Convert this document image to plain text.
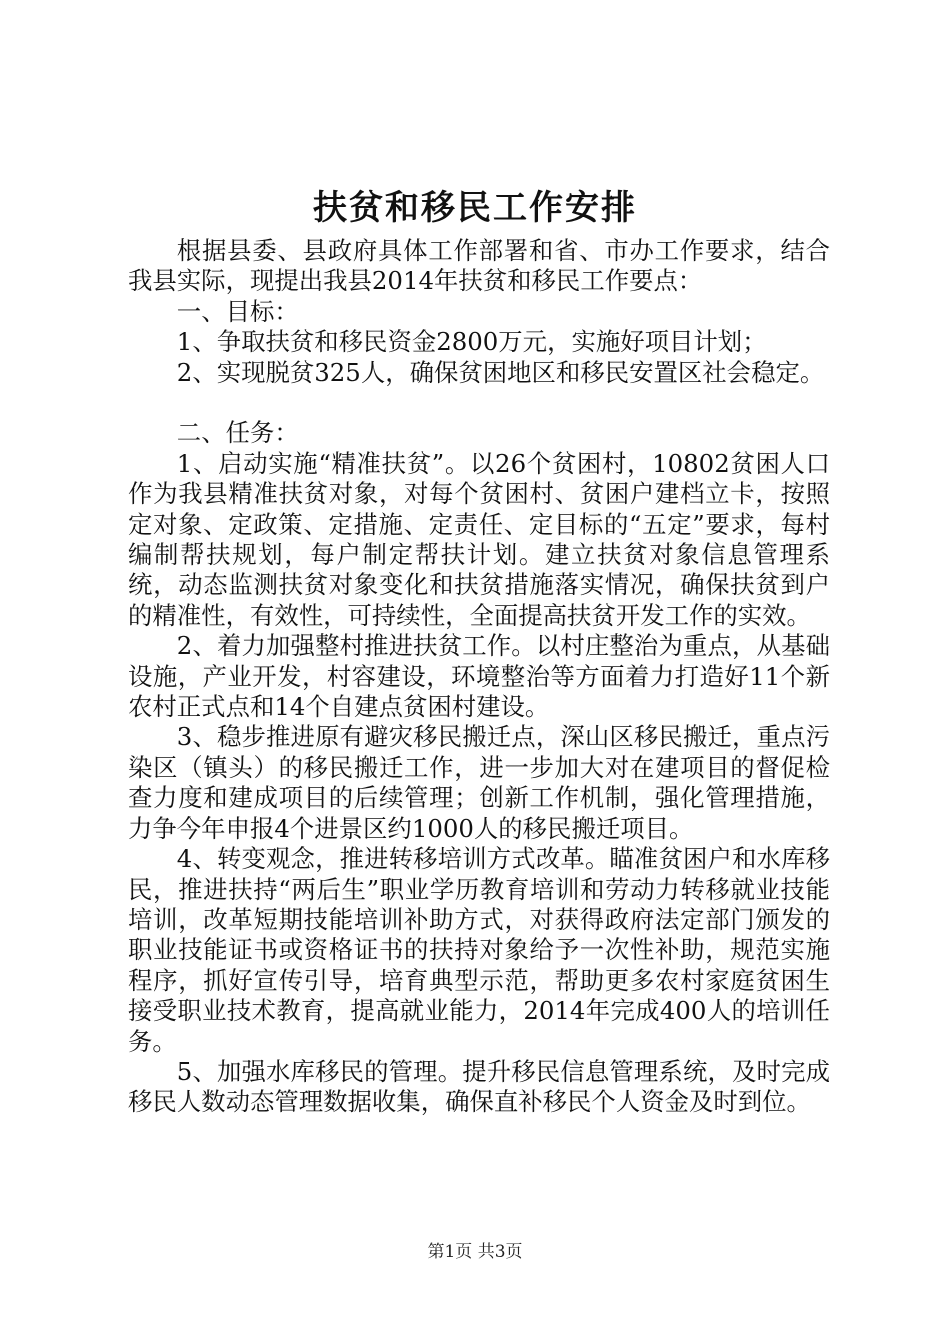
扶贫和移民工作安排

根据县委、县政府具体工作部署和省、市办工作要求，结合我县实际，现提出我县2014年扶贫和移民工作要点：

一、目标：

1、争取扶贫和移民资金2800万元，实施好项目计划；

2、实现脱贫325人，确保贫困地区和移民安置区社会稳定。

二、任务：

1、启动实施“精准扶贫”。以26个贫困村，10802贫困人口作为我县精准扶贫对象，对每个贫困村、贫困户建档立卡，按照定对象、定政策、定措施、定责任、定目标的“五定”要求，每村编制帮扶规划，每户制定帮扶计划。建立扶贫对象信息管理系统，动态监测扶贫对象变化和扶贫措施落实情况，确保扶贫到户的精准性，有效性，可持续性，全面提高扶贫开发工作的实效。

2、着力加强整村推进扶贫工作。以村庄整治为重点，从基础设施，产业开发，村容建设，环境整治等方面着力打造好11个新农村正式点和14个自建点贫困村建设。

3、稳步推进原有避灾移民搬迁点，深山区移民搬迁，重点污染区（镇头）的移民搬迁工作，进一步加大对在建项目的督促检查力度和建成项目的后续管理；创新工作机制，强化管理措施，力争今年申报4个进景区约1000人的移民搬迁项目。

4、转变观念，推进转移培训方式改革。瞄准贫困户和水库移民，推进扶持“两后生”职业学历教育培训和劳动力转移就业技能培训，改革短期技能培训补助方式，对获得政府法定部门颁发的职业技能证书或资格证书的扶持对象给予一次性补助，规范实施程序，抓好宣传引导，培育典型示范，帮助更多农村家庭贫困生接受职业技术教育，提高就业能力，2014年完成400人的培训任务。

5、加强水库移民的管理。提升移民信息管理系统，及时完成移民人数动态管理数据收集，确保直补移民个人资金及时到位。

第1页 共3页
